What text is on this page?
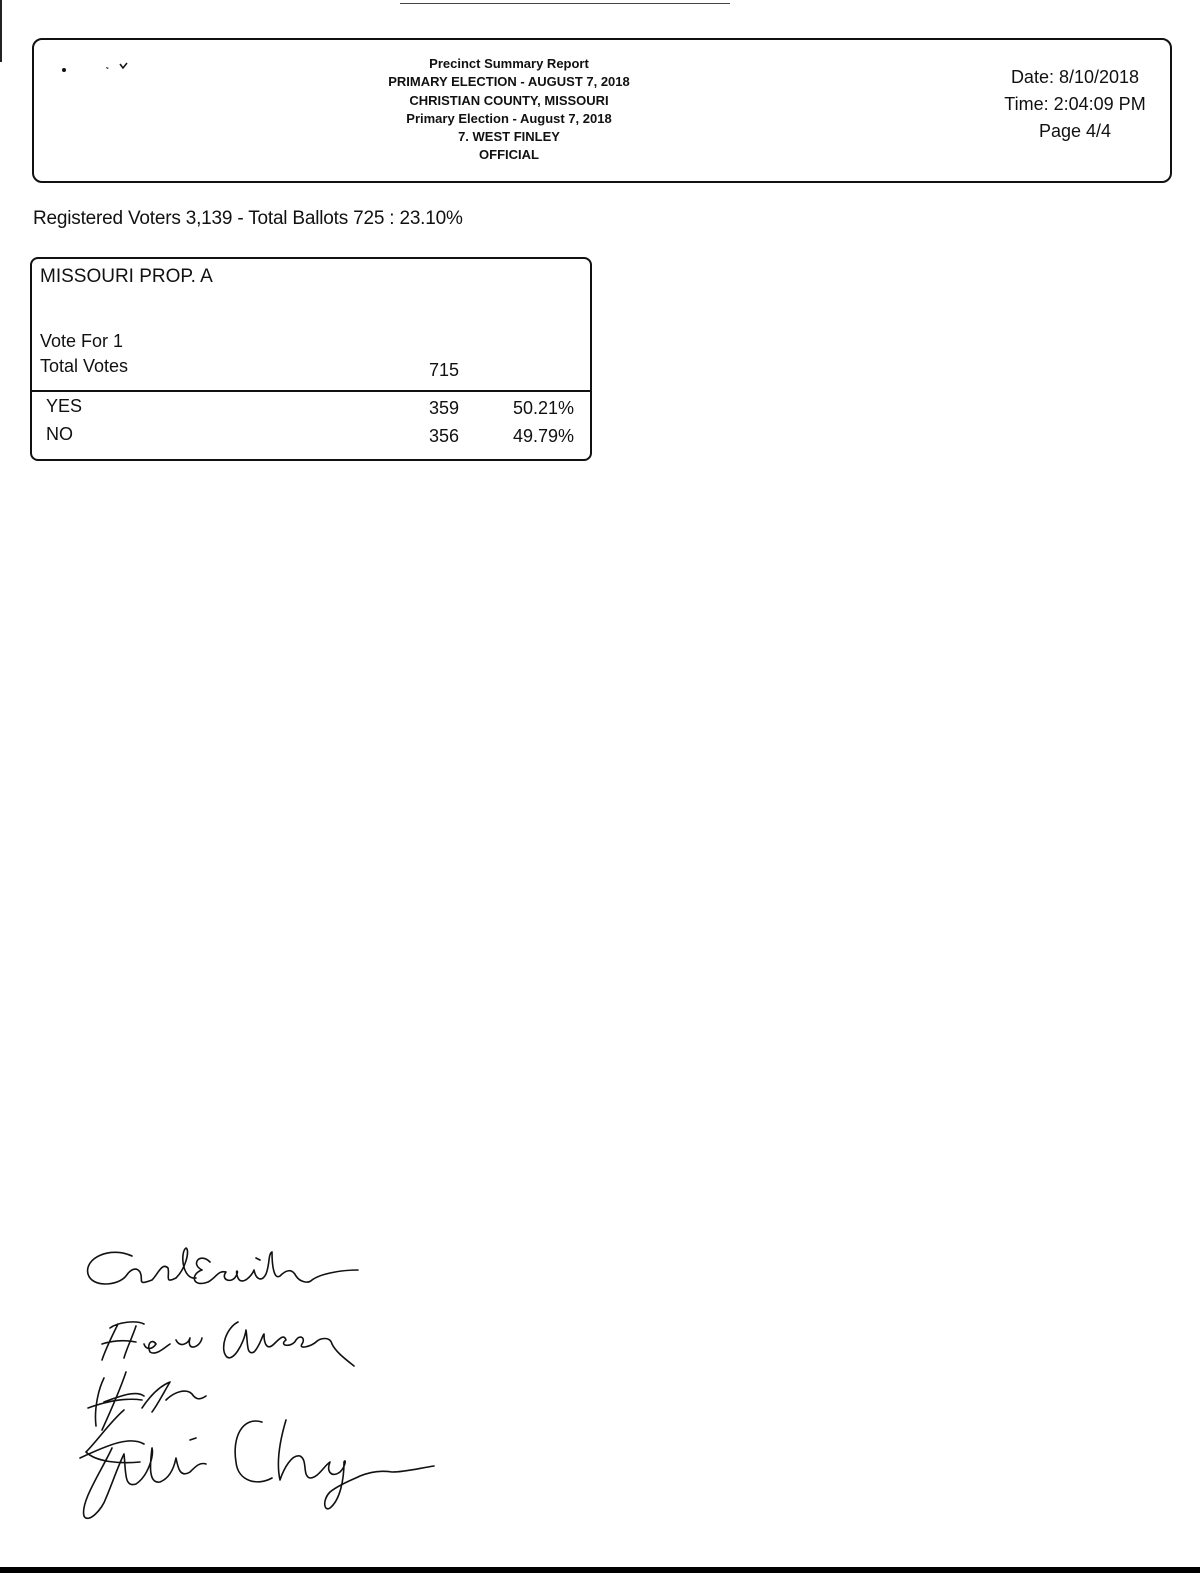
Precinct Summary Report
PRIMARY ELECTION - AUGUST 7, 2018
CHRISTIAN COUNTY, MISSOURI
Primary Election - August 7, 2018
7. WEST FINLEY
OFFICIAL
Date: 8/10/2018
Time: 2:04:09 PM
Page 4/4
Registered Voters 3,139 - Total Ballots 725 : 23.10%
MISSOURI PROP. A
Vote For 1
Total Votes	715
YES	359	50.21%
NO	356	49.79%
